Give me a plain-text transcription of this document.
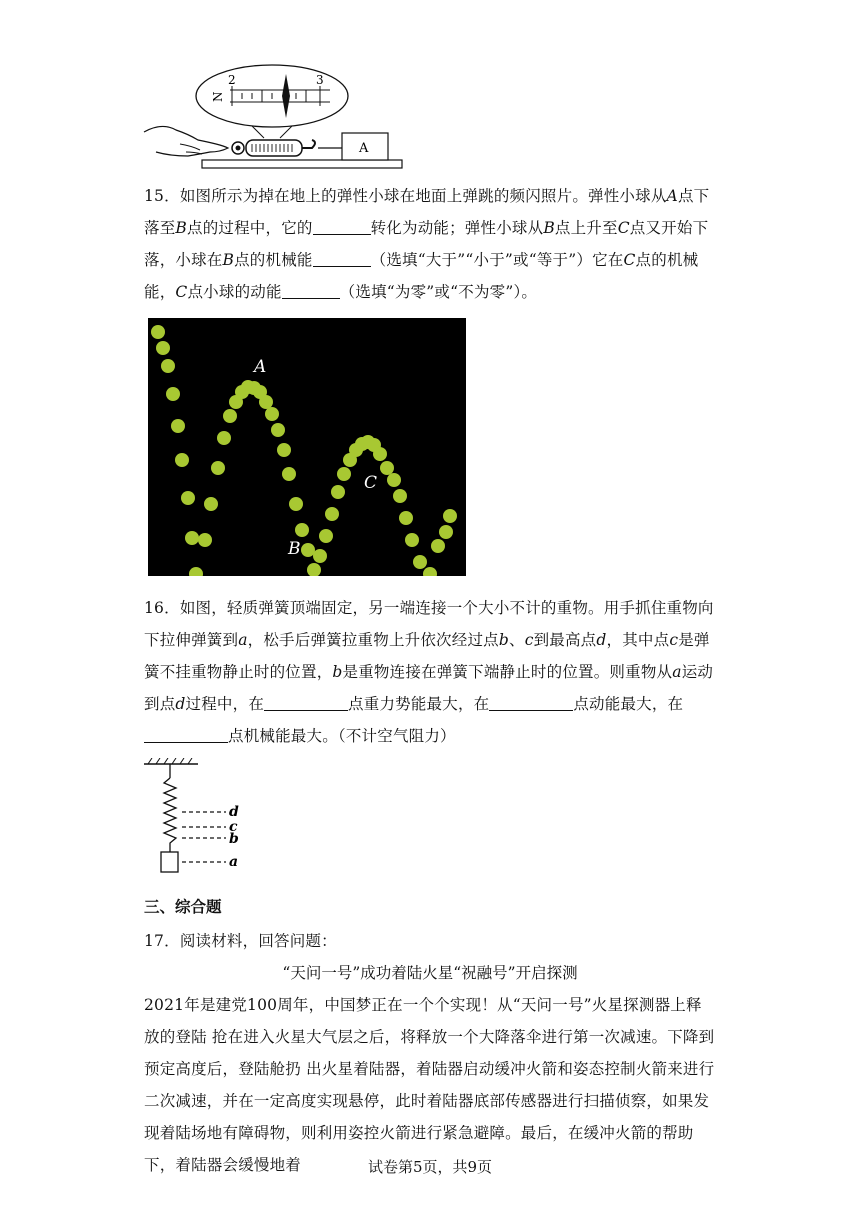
2	3
N
A
15．如图所示为掉在地上的弹性小球在地面上弹跳的频闪照片。弹性小球从A点下落至B点的过程中，它的	转化为动能；弹性小球从B点上升至C点又开始下落，小球在B点的机械能	（选填“大于”“小于”或“等于”）它在C点的机械能，C点小球的动能	（选填“为零”或“不为零”）。
A
C
B
16．如图，轻质弹簧顶端固定，另一端连接一个大小不计的重物。用手抓住重物向下拉伸弹簧到a，松手后弹簧拉重物上升依次经过点b、c到最高点d，其中点c是弹簧不挂重物静止时的位置，b是重物连接在弹簧下端静止时的位置。则重物从a运动到点d过程中，在	点重力势能最大，在	点动能最大，在点机械能最大。（不计空气阻力）
d
c
b
a
三、综合题
17．阅读材料，回答问题：
“天问一号”成功着陆火星“祝融号”开启探测
2021年是建党100周年，中国梦正在一个个实现！从“天问一号”火星探测器上释放的登陆 抢在进入火星大气层之后，将释放一个大降落伞进行第一次减速。下降到预定高度后，登陆舱扔 出火星着陆器，着陆器启动缓冲火箭和姿态控制火箭来进行二次减速，并在一定高度实现悬停，此时着陆器底部传感器进行扫描侦察，如果发现着陆场地有障碍物，则利用姿控火箭进行紧急避障。最后，在缓冲火箭的帮助下，着陆器会缓慢地着	试卷第5页，共9页
